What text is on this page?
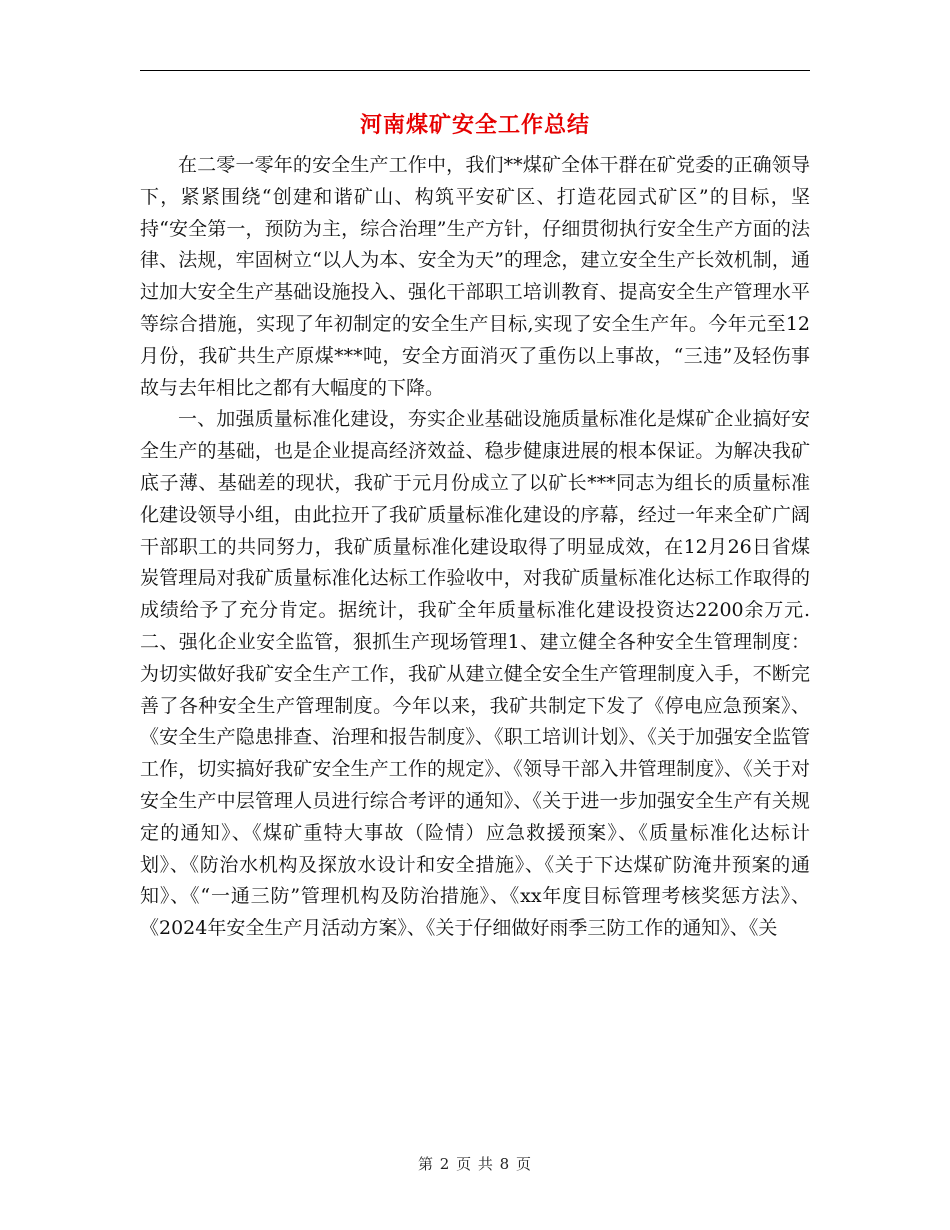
河南煤矿安全工作总结

在二零一零年的安全生产工作中，我们**煤矿全体干群在矿党委的正确领导下，紧紧围绕“创建和谐矿山、构筑平安矿区、打造花园式矿区”的目标，坚持“安全第一，预防为主，综合治理”生产方针，仔细贯彻执行安全生产方面的法律、法规，牢固树立“以人为本、安全为天”的理念，建立安全生产长效机制，通过加大安全生产基础设施投入、强化干部职工培训教育、提高安全生产管理水平等综合措施，实现了年初制定的安全生产目标,实现了安全生产年。今年元至12月份，我矿共生产原煤***吨，安全方面消灭了重伤以上事故，“三违”及轻伤事故与去年相比之都有大幅度的下降。

一、加强质量标准化建设，夯实企业基础设施质量标准化是煤矿企业搞好安全生产的基础，也是企业提高经济效益、稳步健康进展的根本保证。为解决我矿底子薄、基础差的现状，我矿于元月份成立了以矿长***同志为组长的质量标准化建设领导小组，由此拉开了我矿质量标准化建设的序幕，经过一年来全矿广阔干部职工的共同努力，我矿质量标准化建设取得了明显成效，在12月26日省煤炭管理局对我矿质量标准化达标工作验收中，对我矿质量标准化达标工作取得的成绩给予了充分肯定。据统计，我矿全年质量标准化建设投资达2200余万元.二、强化企业安全监管，狠抓生产现场管理1、建立健全各种安全生管理制度：为切实做好我矿安全生产工作，我矿从建立健全安全生产管理制度入手，不断完善了各种安全生产管理制度。今年以来，我矿共制定下发了《停电应急预案》、《安全生产隐患排查、治理和报告制度》、《职工培训计划》、《关于加强安全监管工作，切实搞好我矿安全生产工作的规定》、《领导干部入井管理制度》、《关于对安全生产中层管理人员进行综合考评的通知》、《关于进一步加强安全生产有关规定的通知》、《煤矿重特大事故（险情）应急救援预案》、《质量标准化达标计划》、《防治水机构及探放水设计和安全措施》、《关于下达煤矿防淹井预案的通知》、《“一通三防”管理机构及防治措施》、《xx年度目标管理考核奖惩方法》、《2024年安全生产月活动方案》、《关于仔细做好雨季三防工作的通知》、《关

第 2 页 共 8 页
